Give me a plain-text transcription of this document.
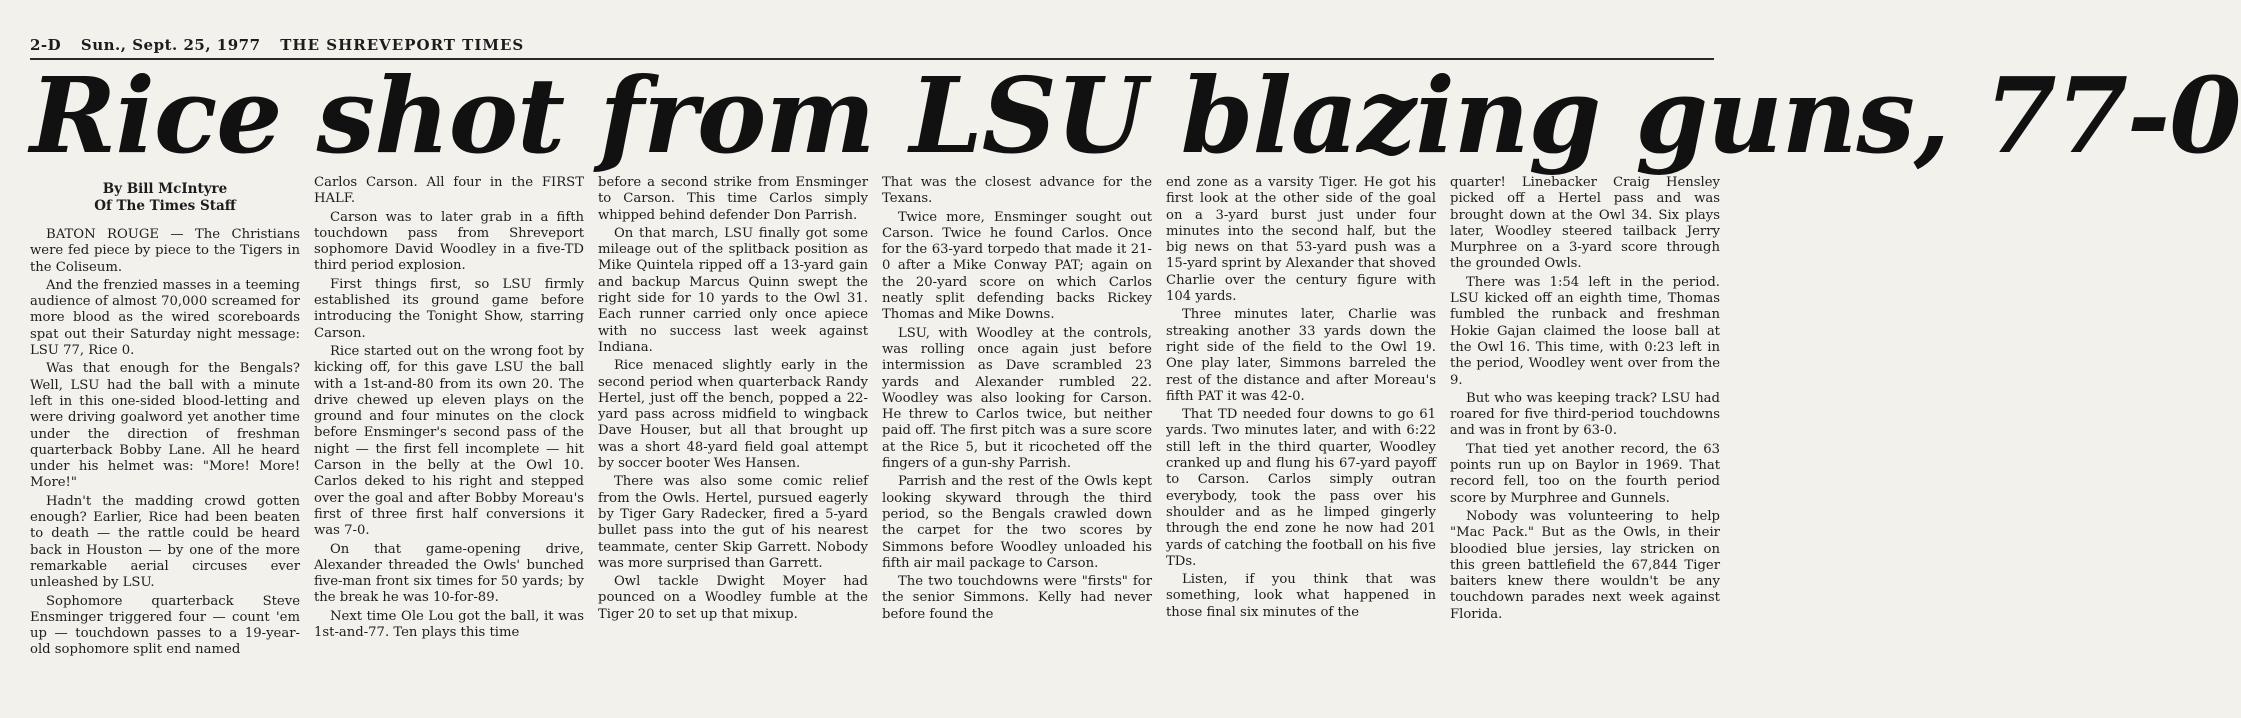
2-D Sun., Sept. 25, 1977 THE SHREVEPORT TIMES
Rice shot from LSU blazing guns, 77-0
By Bill McIntyre
Of The Times Staff

BATON ROUGE — The Christians were fed piece by piece to the Tigers in the Coliseum.

And the frenzied masses in a teeming audience of almost 70,000 screamed for more blood as the wired scoreboards spat out their Saturday night message: LSU 77, Rice 0.

Was that enough for the Bengals? Well, LSU had the ball with a minute left in this one-sided blood-letting and were driving goalword yet another time under the direction of freshman quarterback Bobby Lane. All he heard under his helmet was: "More! More! More!"

Hadn't the madding crowd gotten enough? Earlier, Rice had been beaten to death — the rattle could be heard back in Houston — by one of the more remarkable aerial circuses ever unleashed by LSU.

Sophomore quarterback Steve Ensminger triggered four — count 'em up — touchdown passes to a 19-year-old sophomore split end named

Carlos Carson. All four in the FIRST HALF.

Carson was to later grab in a fifth touchdown pass from Shreveport sophomore David Woodley in a five-TD third period explosion.

First things first, so LSU firmly established its ground game before introducing the Tonight Show, starring Carson.

Rice started out on the wrong foot by kicking off, for this gave LSU the ball with a 1st-and-80 from its own 20. The drive chewed up eleven plays on the ground and four minutes on the clock before Ensminger's second pass of the night — the first fell incomplete — hit Carson in the belly at the Owl 10. Carlos deked to his right and stepped over the goal and after Bobby Moreau's first of three first half conversions it was 7-0.

On that game-opening drive, Alexander threaded the Owls' bunched five-man front six times for 50 yards; by the break he was 10-for-89.

Next time Ole Lou got the ball, it was 1st-and-77. Ten plays this time

before a second strike from Ensminger to Carson. This time Carlos simply whipped behind defender Don Parrish.

On that march, LSU finally got some mileage out of the splitback position as Mike Quintela ripped off a 13-yard gain and backup Marcus Quinn swept the right side for 10 yards to the Owl 31. Each runner carried only once apiece with no success last week against Indiana.

Rice menaced slightly early in the second period when quarterback Randy Hertel, just off the bench, popped a 22-yard pass across midfield to wingback Dave Houser, but all that brought up was a short 48-yard field goal attempt by soccer booter Wes Hansen.

There was also some comic relief from the Owls. Hertel, pursued eagerly by Tiger Gary Radecker, fired a 5-yard bullet pass into the gut of his nearest teammate, center Skip Garrett. Nobody was more surprised than Garrett.

Owl tackle Dwight Moyer had pounced on a Woodley fumble at the Tiger 20 to set up that mixup.

That was the closest advance for the Texans.

Twice more, Ensminger sought out Carson. Twice he found Carlos. Once for the 63-yard torpedo that made it 21-0 after a Mike Conway PAT; again on the 20-yard score on which Carlos neatly split defending backs Rickey Thomas and Mike Downs.

LSU, with Woodley at the controls, was rolling once again just before intermission as Dave scrambled 23 yards and Alexander rumbled 22. Woodley was also looking for Carson. He threw to Carlos twice, but neither paid off. The first pitch was a sure score at the Rice 5, but it ricocheted off the fingers of a gun-shy Parrish.

Parrish and the rest of the Owls kept looking skyward through the third period, so the Bengals crawled down the carpet for the two scores by Simmons before Woodley unloaded his fifth air mail package to Carson.

The two touchdowns were "firsts" for the senior Simmons. Kelly had never before found the

end zone as a varsity Tiger. He got his first look at the other side of the goal on a 3-yard burst just under four minutes into the second half, but the big news on that 53-yard push was a 15-yard sprint by Alexander that shoved Charlie over the century figure with 104 yards.

Three minutes later, Charlie was streaking another 33 yards down the right side of the field to the Owl 19. One play later, Simmons barreled the rest of the distance and after Moreau's fifth PAT it was 42-0.

That TD needed four downs to go 61 yards. Two minutes later, and with 6:22 still left in the third quarter, Woodley cranked up and flung his 67-yard payoff to Carson. Carlos simply outran everybody, took the pass over his shoulder and as he limped gingerly through the end zone he now had 201 yards of catching the football on his five TDs.

Listen, if you think that was something, look what happened in those final six minutes of the

quarter! Linebacker Craig Hensley picked off a Hertel pass and was brought down at the Owl 34. Six plays later, Woodley steered tailback Jerry Murphree on a 3-yard score through the grounded Owls.

There was 1:54 left in the period. LSU kicked off an eighth time, Thomas fumbled the runback and freshman Hokie Gajan claimed the loose ball at the Owl 16. This time, with 0:23 left in the period, Woodley went over from the 9.

But who was keeping track? LSU had roared for five third-period touchdowns and was in front by 63-0.

That tied yet another record, the 63 points run up on Baylor in 1969. That record fell, too on the fourth period score by Murphree and Gunnels.

Nobody was volunteering to help "Mac Pack." But as the Owls, in their bloodied blue jersies, lay stricken on this green battlefield the 67,844 Tiger baiters knew there wouldn't be any touchdown parades next week against Florida.
